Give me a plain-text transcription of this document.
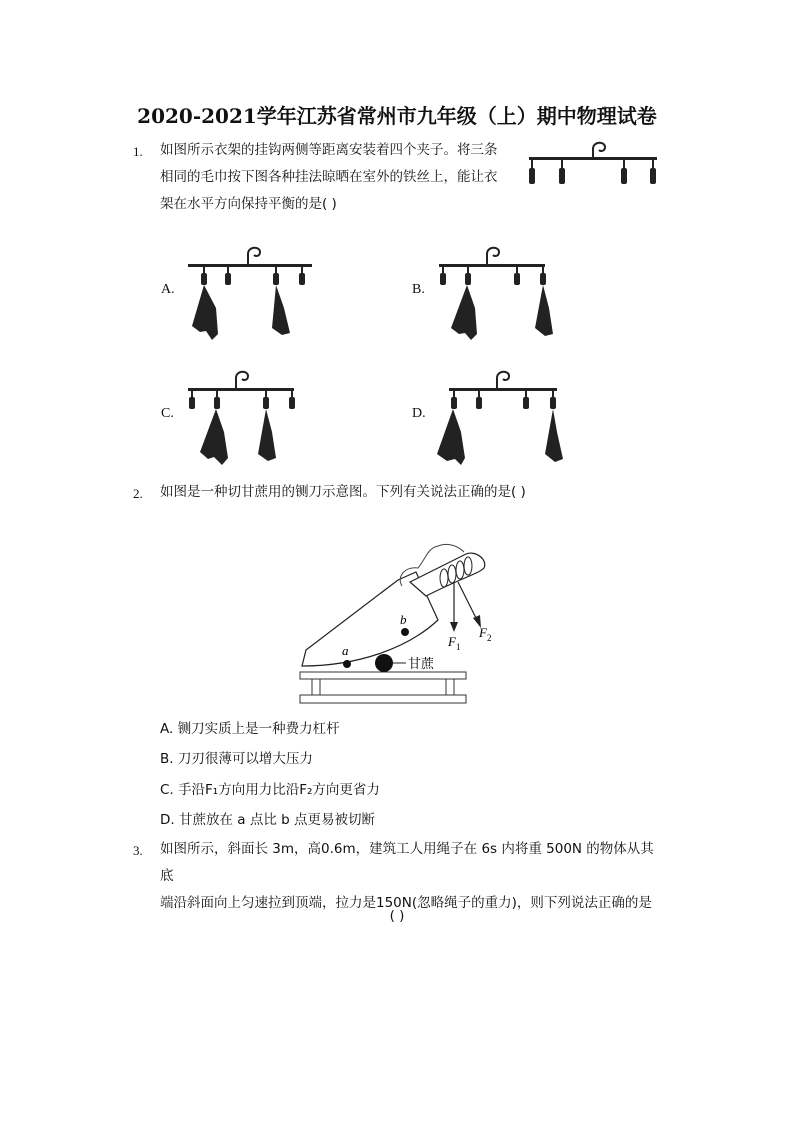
2020-2021学年江苏省常州市九年级（上）期中物理试卷
1. 如图所示衣架的挂钩两侧等距离安装着四个夹子。将三条
相同的毛巾按下图各种挂法晾晒在室外的铁丝上，能让衣
架在水平方向保持平衡的是( )
A.	B.
C.	D.
2. 如图是一种切甘蔗用的铡刀示意图。下列有关说法正确的是( )
a
b
F 1
F 2
甘蔗
A. 铡刀实质上是一种费力杠杆
B. 刀刃很薄可以增大压力
C. 手沿F₁方向用力比沿F₂方向更省力
D. 甘蔗放在 a 点比 b 点更易被切断
3. 如图所示，斜面长 3m，高0.6m，建筑工人用绳子在 6s 内将重 500N 的物体从其底
端沿斜面向上匀速拉到顶端，拉力是150N(忽略绳子的重力)，则下列说法正确的是
( )
